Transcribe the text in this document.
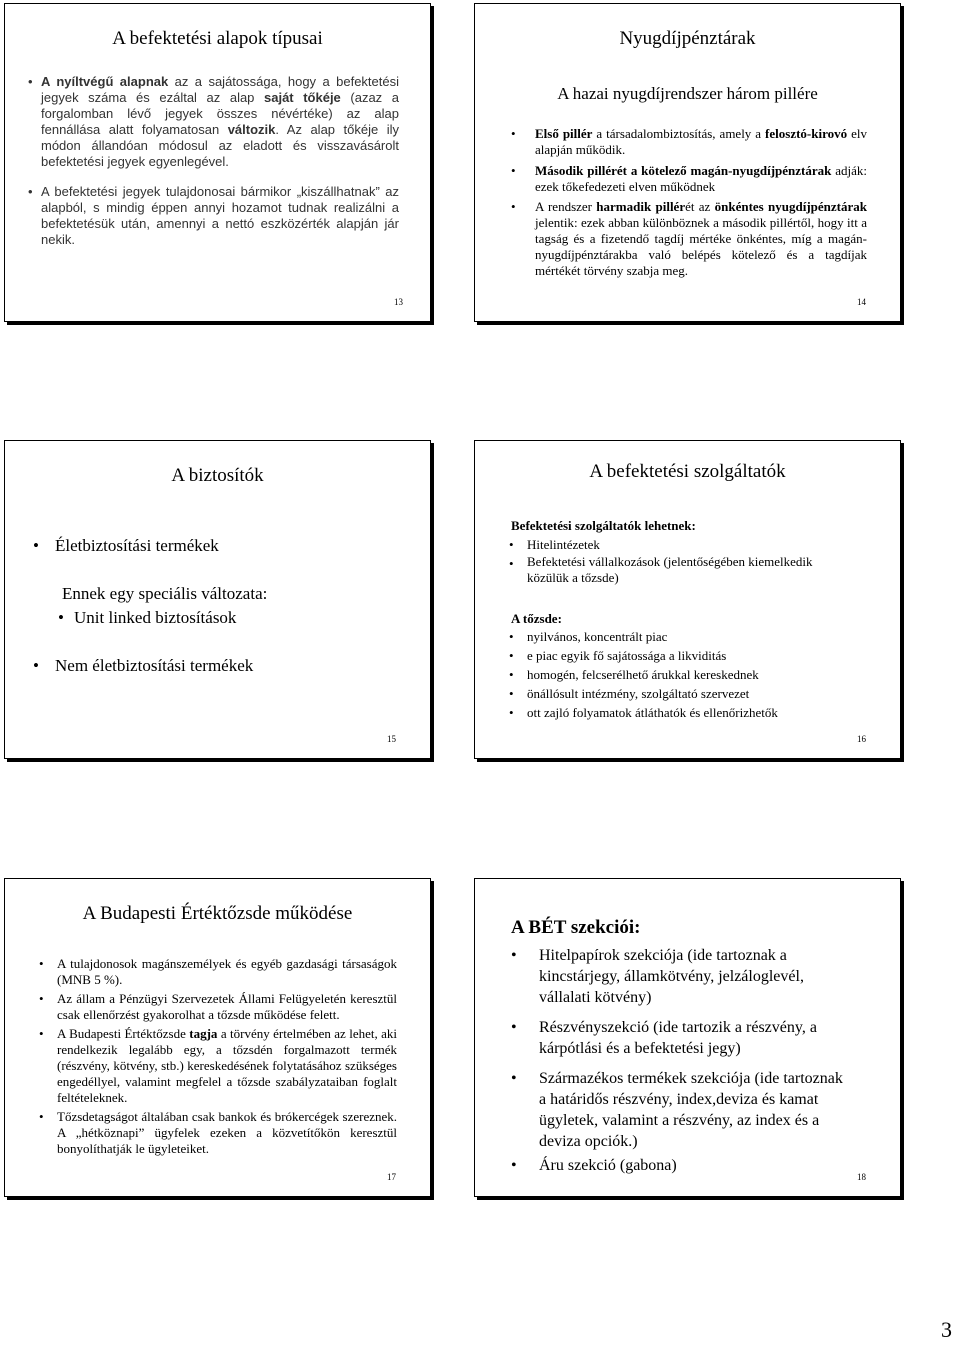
A befektetési alapok típusai
• A nyíltvégű alapnak az a sajátossága, hogy a befektetési jegyek száma és ezáltal az alap saját tőkéje (azaz a forgalomban lévő jegyek összes névértéke) az alap fennállása alatt folyamatosan változik. Az alap tőkéje ily módon állandóan módosul az eladott és visszavásárolt befektetési jegyek egyenlegével.
• A befektetési jegyek tulajdonosai bármikor „kiszállhatnak” az alapból, s mindig éppen annyi hozamot tudnak realizálni a befektetésük után, amennyi a nettó eszközérték alapján jár nekik.
13
Nyugdíjpénztárak
A hazai nyugdíjrendszer három pillére
• Első pillér a társadalombiztosítás, amely a felosztó-kirovó elv alapján működik.
• Második pillérét a kötelező magán-nyugdíjpénztárak adják: ezek tőkefedezeti elven működnek
• A rendszer harmadik pillérét az önkéntes nyugdíjpénztárak jelentik: ezek abban különböznek a második pillértől, hogy itt a tagság és a fizetendő tagdíj mértéke önkéntes, míg a magán-nyugdíjpénztárakba való belépés kötelező és a tagdíjak mértékét törvény szabja meg.
14
A biztosítók
• Életbiztosítási termékek
Ennek egy speciális változata:
• Unit linked biztosítások
• Nem életbiztosítási termékek
15
A befektetési szolgáltatók
Befektetési szolgáltatók lehetnek:
• Hitelintézetek
• Befektetési vállalkozások (jelentőségében kiemelkedik
közülük a tőzsde)
A tőzsde:
• nyilvános, koncentrált piac
• e piac egyik fő sajátossága a likviditás
• homogén, felcserélhető árukkal kereskednek
• önállósult intézmény, szolgáltató szervezet
• ott zajló folyamatok átláthatók és ellenőrizhetők
16
A Budapesti Értéktőzsde működése
• A tulajdonosok magánszemélyek és egyéb gazdasági társaságok (MNB 5 %).
• Az állam a Pénzügyi Szervezetek Állami Felügyeletén keresztül csak ellenőrzést gyakorolhat a tőzsde működése felett.
• A Budapesti Értéktőzsde tagja a törvény értelmében az lehet, aki rendelkezik legalább egy, a tőzsdén forgalmazott termék (részvény, kötvény, stb.) kereskedésének folytatásához szükséges engedéllyel, valamint megfelel a tőzsde szabályzataiban foglalt feltételeknek.
• Tőzsdetagságot általában csak bankok és brókercégek szereznek. A „hétköznapi” ügyfelek ezeken a közvetítőkön keresztül bonyolíthatják le ügyleteiket.
17
A BÉT szekciói:
• Hitelpapírok szekciója (ide tartoznak a kincstárjegy, államkötvény, jelzáloglevél, vállalati kötvény)
• Részvényszekció (ide tartozik a részvény, a kárpótlási és a befektetési jegy)
• Származékos termékek szekciója (ide tartoznak a határidős részvény, index,deviza és kamat ügyletek, valamint a részvény, az index és a deviza opciók.)
• Áru szekció (gabona)
18
3
